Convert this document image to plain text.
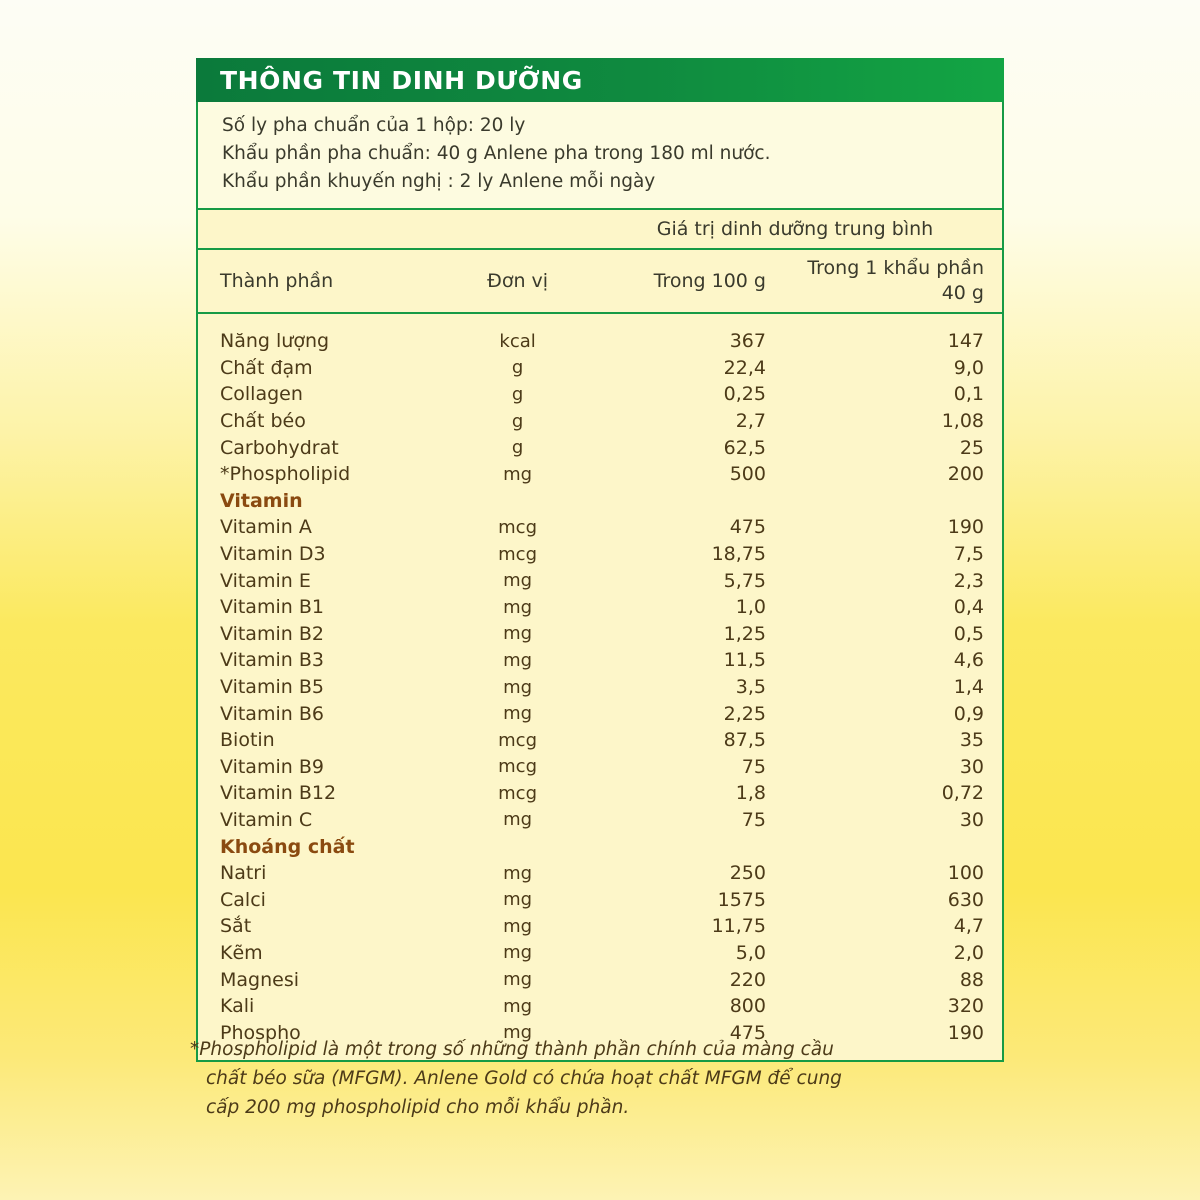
THÔNG TIN DINH DƯỠNG
Số ly pha chuẩn của 1 hộp: 20 ly
Khẩu phần pha chuẩn: 40 g Anlene pha trong 180 ml nước.
Khẩu phần khuyến nghị : 2 ly Anlene mỗi ngày
		Giá trị dinh dưỡng trung bình	
Thành phần	Đơn vị	Trong 100 g	Trong 1 khẩu phần 40 g

Năng lượng	kcal	367	147
Chất đạm	g	22,4	9,0
Collagen	g	0,25	0,1
Chất béo	g	2,7	1,08
Carbohydrat	g	62,5	25
*Phospholipid	mg	500	200
Vitamin			
Vitamin A	mcg	475	190
Vitamin D3	mcg	18,75	7,5
Vitamin E	mg	5,75	2,3
Vitamin B1	mg	1,0	0,4
Vitamin B2	mg	1,25	0,5
Vitamin B3	mg	11,5	4,6
Vitamin B5	mg	3,5	1,4
Vitamin B6	mg	2,25	0,9
Biotin	mcg	87,5	35
Vitamin B9	mcg	75	30
Vitamin B12	mcg	1,8	0,72
Vitamin C	mg	75	30
Khoáng chất			
Natri	mg	250	100
Calci	mg	1575	630
Sắt	mg	11,75	4,7
Kẽm	mg	5,0	2,0
Magnesi	mg	220	88
Kali	mg	800	320
Phospho	mg	475	190

*Phospholipid là một trong số những thành phần chính của màng cầu
chất béo sữa (MFGM). Anlene Gold có chứa hoạt chất MFGM để cung
cấp 200 mg phospholipid cho mỗi khẩu phần.
